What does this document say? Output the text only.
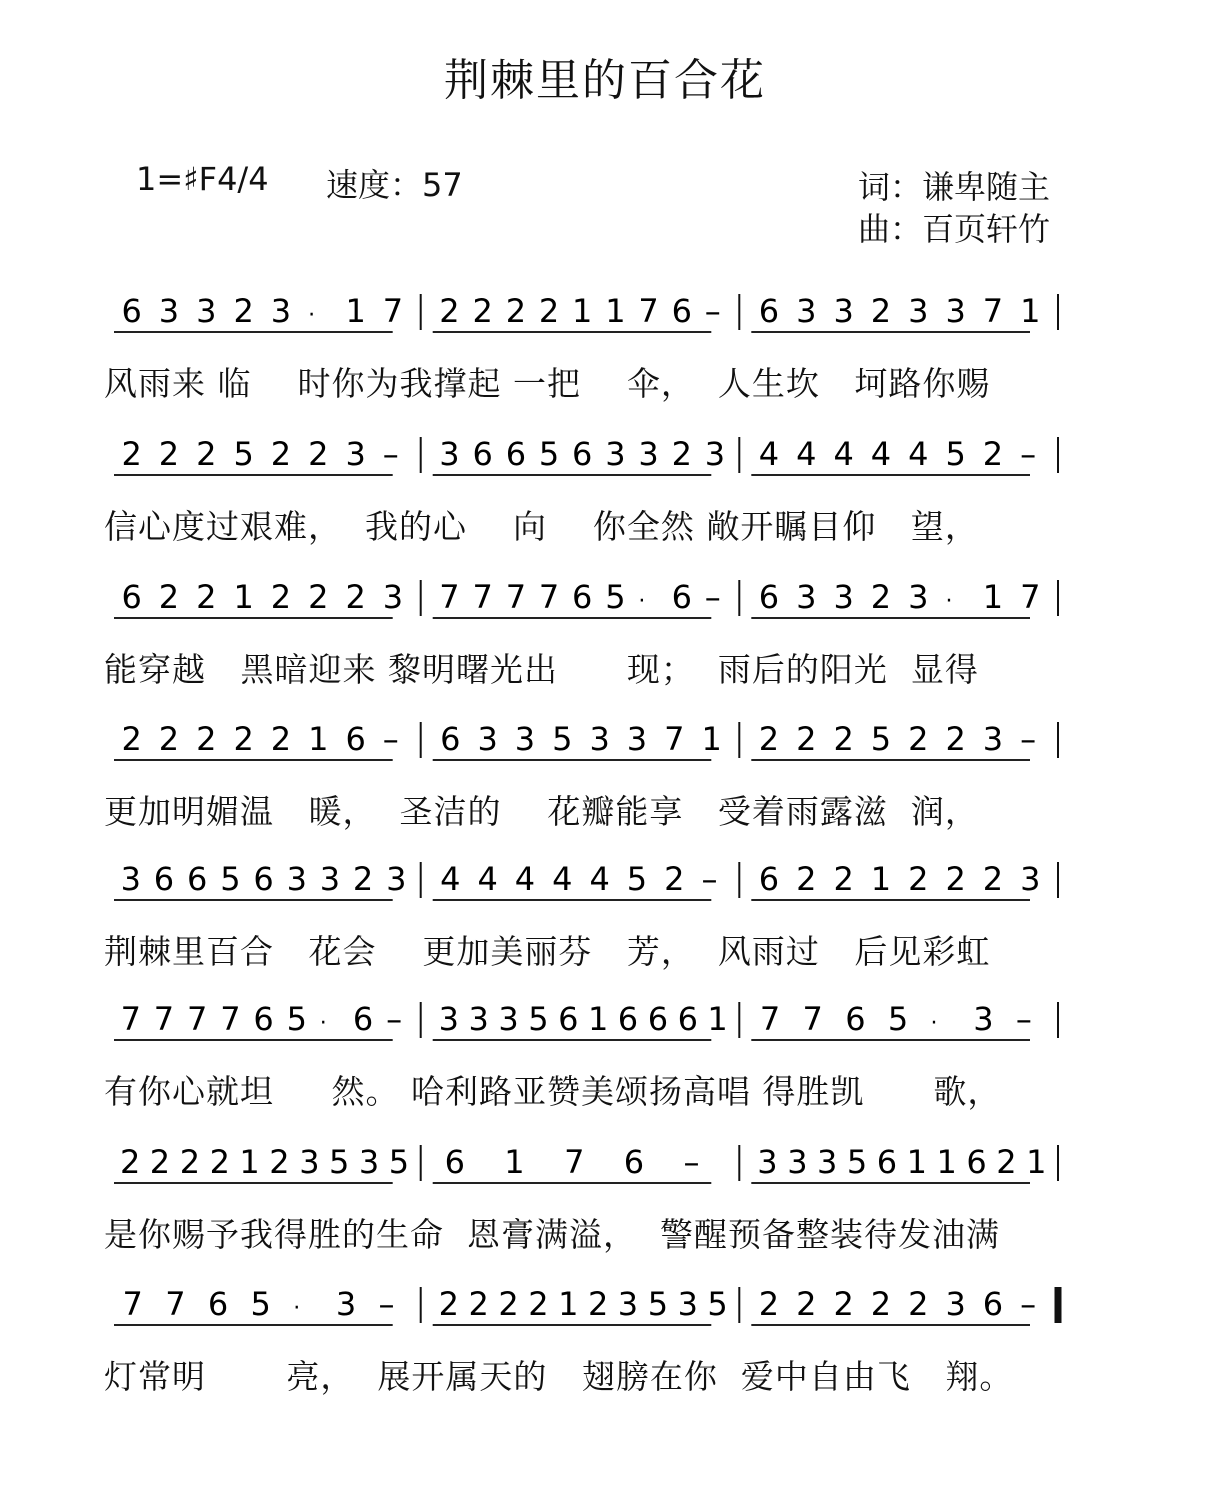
荆棘里的百合花
1=♯F4/4 速度：57	词：谦卑随主
曲：百页轩竹
6 3 3 2 3 · 1 7 2 2 2 2 1 1 7 6 – 6 3 3 2 3 3 7 1
风雨来 临    时你为我撑起 一把    伞，  人生坎   坷路你赐
2 2 2 5 2 2 3 – 3 6 6 5 6 3 3 2 3 4 4 4 4 4 5 2 –
信心度过艰难，  我的心    向    你全然 敞开瞩目仰   望，
6 2 2 1 2 2 2 3 7 7 7 7 6 5 · 6 – 6 3 3 2 3 · 1 7
能穿越   黑暗迎来 黎明曙光出      现；  雨后的阳光  显得
2 2 2 2 2 1 6 – 6 3 3 5 3 3 7 1 2 2 2 5 2 2 3 –
更加明媚温   暖，  圣洁的    花瓣能享   受着雨露滋  润，
3 6 6 5 6 3 3 2 3 4 4 4 4 4 5 2 – 6 2 2 1 2 2 2 3
荆棘里百合   花会    更加美丽芬   芳，  风雨过   后见彩虹
7 7 7 7 6 5 · 6 – 3 3 3 5 6 1 6 6 6 1 7 7 6 5 · 3 –
有你心就坦     然。 哈利路亚赞美颂扬高唱 得胜凯      歌，
2 2 2 2 1 2 3 5 3 5 6 1 7 6 – 3 3 3 5 6 1 1 6 2 1
是你赐予我得胜的生命  恩膏满溢，  警醒预备整装待发油满
7 7 6 5 · 3 – 2 2 2 2 1 2 3 5 3 5 2 2 2 2 2 3 6 –
灯常明       亮，  展开属天的   翅膀在你  爱中自由飞   翔。
